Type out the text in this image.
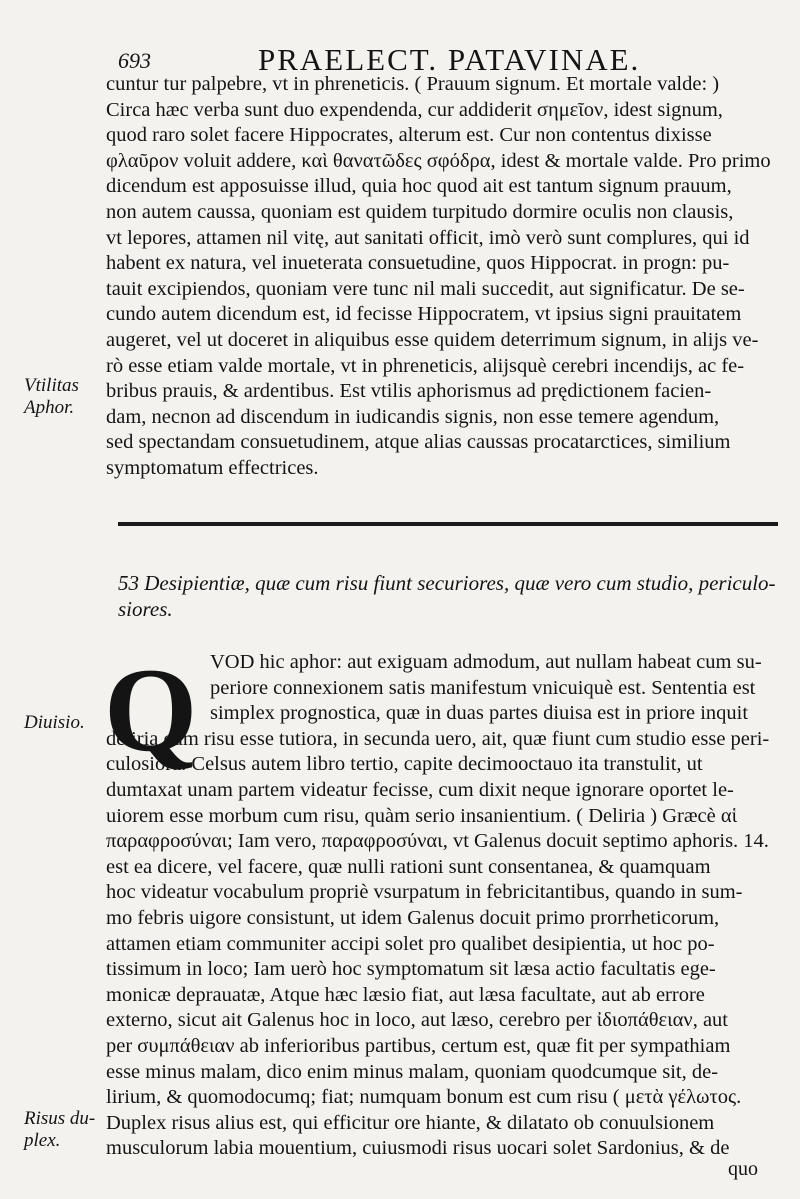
693	PRAELECT. PATAVINAE.
cuntur tur palpebre, vt in phreneticis. ( Prauum signum. Et mortale valde: )
Circa hæc verba sunt duo expendenda, cur addiderit σημεῖον, idest signum,
quod raro solet facere Hippocrates, alterum est. Cur non contentus dixisse
φλαῦρον voluit addere, καὶ θανατῶδες σφόδρα, idest & mortale valde. Pro primo
dicendum est apposuisse illud, quia hoc quod ait est tantum signum prauum,
non autem caussa, quoniam est quidem turpitudo dormire oculis non clausis,
vt lepores, attamen nil vitę, aut sanitati officit, imò verò sunt complures, qui id
habent ex natura, vel inueterata consuetudine, quos Hippocrat. in progn: pu-
tauit excipiendos, quoniam vere tunc nil mali succedit, aut significatur. De se-
cundo autem dicendum est, id fecisse Hippocratem, vt ipsius signi prauitatem
augeret, vel ut doceret in aliquibus esse quidem deterrimum signum, in alijs ve-
rò esse etiam valde mortale, vt in phreneticis, alijsquè cerebri incendijs, ac fe-
bribus prauis, & ardentibus. Est vtilis aphorismus ad prędictionem facien-
dam, necnon ad discendum in iudicandis signis, non esse temere agendum,
sed spectandam consuetudinem, atque alias caussas procatarctices, similium
symptomatum effectrices.
Vtilitas
Aphor.
53 Desipientiæ, quæ cum risu fiunt securiores, quæ vero cum studio, periculo-
siores.
Q VOD hic aphor: aut exiguam admodum, aut nullam habeat cum su-
periore connexionem satis manifestum vnicuiquè est. Sententia est
simplex prognostica, quæ in duas partes diuisa est in priore inquit
deliria cum risu esse tutiora, in secunda uero, ait, quæ fiunt cum studio esse peri-
culosiora. Celsus autem libro tertio, capite decimooctauo ita transtulit, ut
dumtaxat unam partem videatur fecisse, cum dixit neque ignorare oportet le-
uiorem esse morbum cum risu, quàm serio insanientium. ( Deliria ) Græcè αἱ
παραφροσύναι; Iam vero, παραφροσύναι, vt Galenus docuit septimo aphoris. 14.
est ea dicere, vel facere, quæ nulli rationi sunt consentanea, & quamquam
hoc videatur vocabulum propriè vsurpatum in febricitantibus, quando in sum-
mo febris uigore consistunt, ut idem Galenus docuit primo prorrheticorum,
attamen etiam communiter accipi solet pro qualibet desipientia, ut hoc po-
tissimum in loco; Iam uerò hoc symptomatum sit læsa actio facultatis ege-
monicæ deprauatæ, Atque hæc læsio fiat, aut læsa facultate, aut ab errore
externo, sicut ait Galenus hoc in loco, aut læso, cerebro per ἰδιοπάθειαν, aut
per συμπάθειαν ab inferioribus partibus, certum est, quæ fit per sympathiam
esse minus malam, dico enim minus malam, quoniam quodcumque sit, de-
lirium, & quomodocumq; fiat; numquam bonum est cum risu ( μετὰ γέλωτος.
Duplex risus alius est, qui efficitur ore hiante, & dilatato ob conuulsionem
musculorum labia mouentium, cuiusmodi risus uocari solet Sardonius, & de
Diuisio.
Risus du-
plex.
quo
